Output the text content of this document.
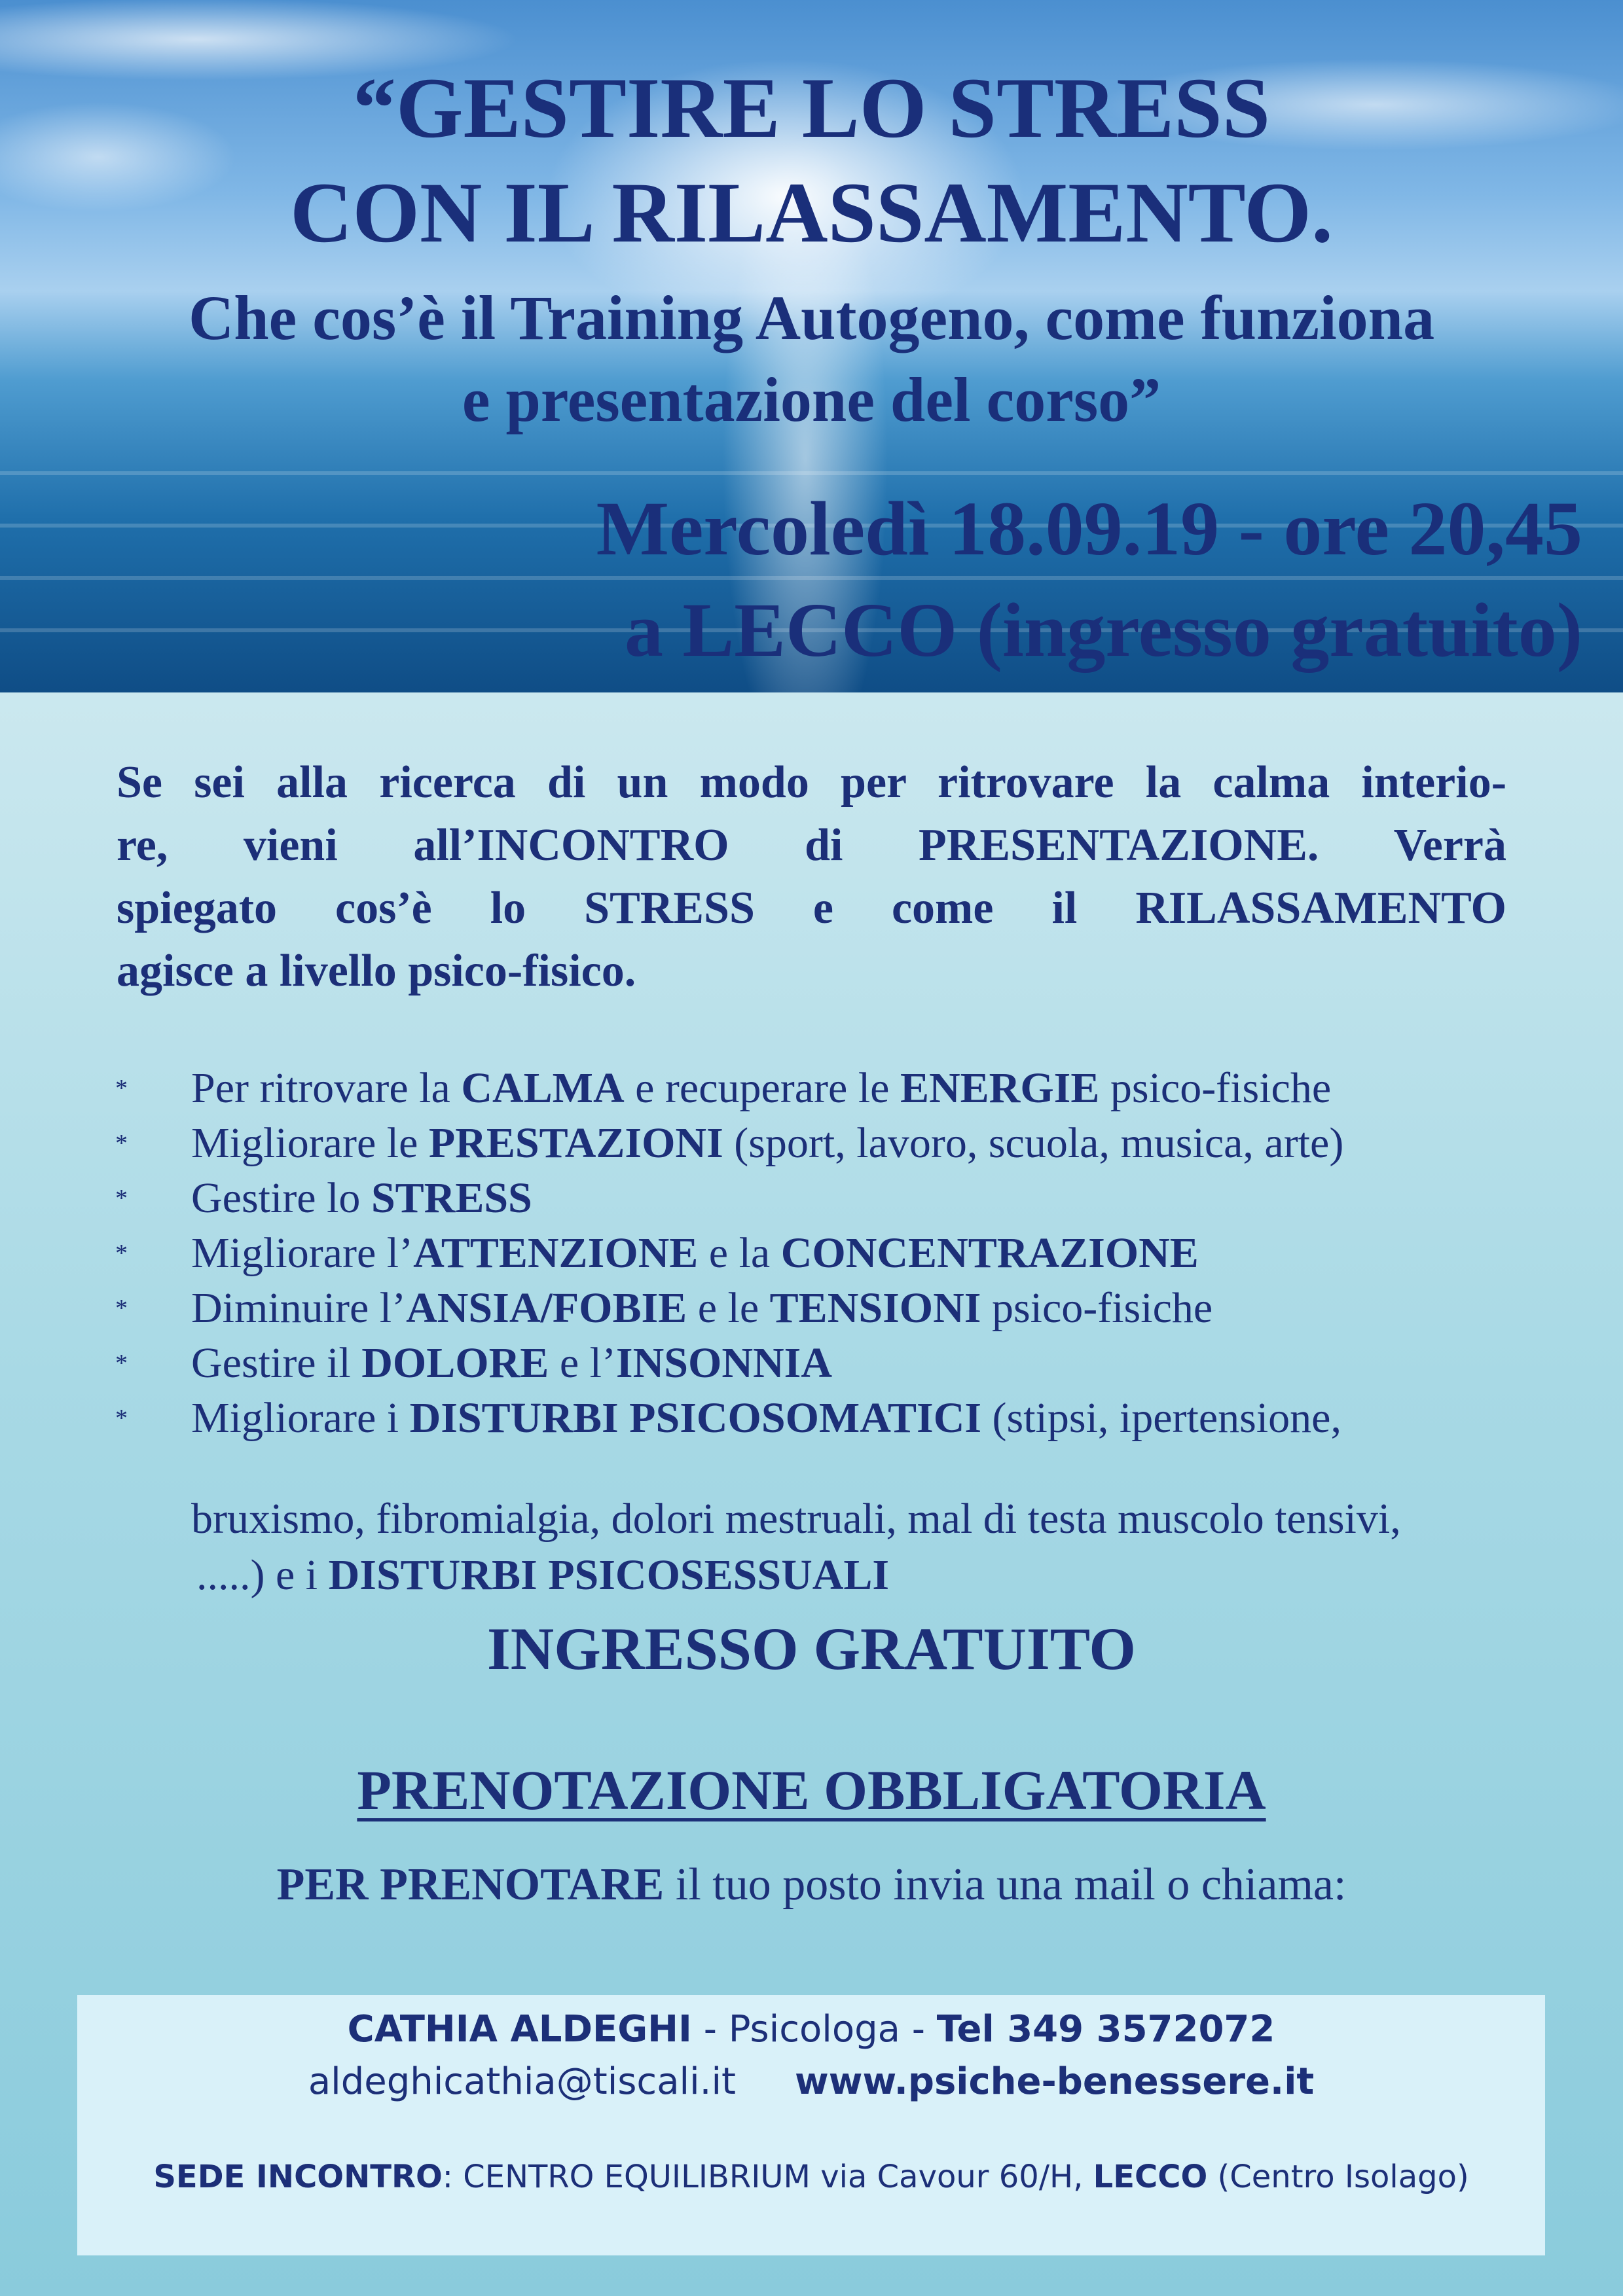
“GESTIRE LO STRESS
CON IL RILASSAMENTO.
Che cos’è il Training Autogeno, come funziona
e presentazione del corso”
Mercoledì 18.09.19 - ore 20,45
a LECCO (ingresso gratuito)
Se sei alla ricerca di un modo per ritrovare la calma interio-
re, vieni all’INCONTRO di PRESENTAZIONE. Verrà
spiegato cos’è lo STRESS e come il RILASSAMENTO
agisce a livello psico-fisico.
* Per ritrovare la CALMA e recuperare le ENERGIE psico-fisiche
* Migliorare le PRESTAZIONI (sport, lavoro, scuola, musica, arte)
* Gestire lo STRESS
* Migliorare l’ATTENZIONE e la CONCENTRAZIONE
* Diminuire l’ANSIA/FOBIE e le TENSIONI psico-fisiche
* Gestire il DOLORE e l’INSONNIA
* Migliorare i DISTURBI PSICOSOMATICI (stipsi, ipertensione,
bruxismo, fibromialgia, dolori mestruali, mal di testa muscolo tensivi,
.....) e i DISTURBI PSICOSESSUALI
INGRESSO GRATUITO
PRENOTAZIONE OBBLIGATORIA
PER PRENOTARE il tuo posto invia una mail o chiama:
CATHIA ALDEGHI - Psicologa - Tel 349 3572072
aldeghicathia@tiscali.it www.psiche-benessere.it
SEDE INCONTRO: CENTRO EQUILIBRIUM via Cavour 60/H, LECCO (Centro Isolago)
